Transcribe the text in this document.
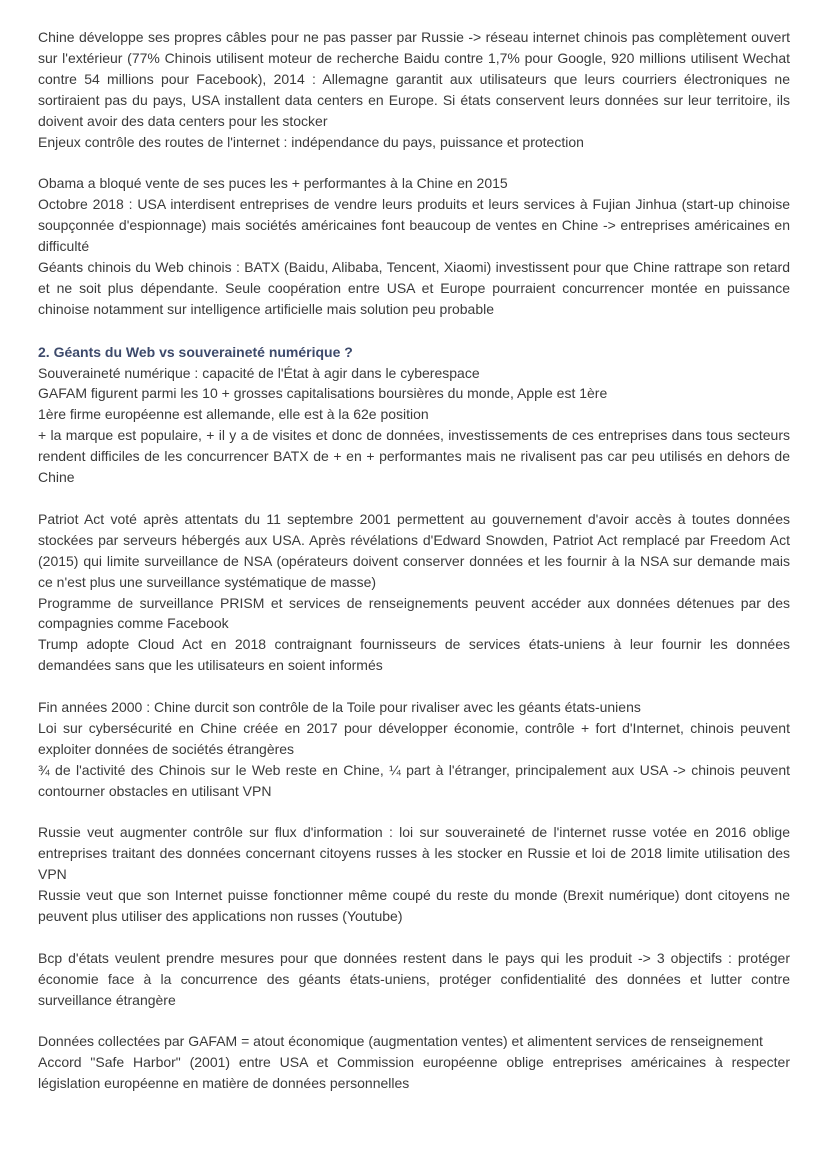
Chine développe ses propres câbles pour ne pas passer par Russie -> réseau internet chinois pas complètement ouvert sur l'extérieur (77% Chinois utilisent moteur de recherche Baidu contre 1,7% pour Google, 920 millions utilisent Wechat contre 54 millions pour Facebook), 2014 : Allemagne garantit aux utilisateurs que leurs courriers électroniques ne sortiraient pas du pays, USA installent data centers en Europe. Si états conservent leurs données sur leur territoire, ils doivent avoir des data centers pour les stocker

Enjeux contrôle des routes de l'internet : indépendance du pays, puissance et protection

Obama a bloqué vente de ses puces les + performantes à la Chine en 2015

Octobre 2018 : USA interdisent entreprises de vendre leurs produits et leurs services à Fujian Jinhua (start-up chinoise soupçonnée d'espionnage) mais sociétés américaines font beaucoup de ventes en Chine -> entreprises américaines en difficulté

Géants chinois du Web chinois : BATX (Baidu, Alibaba, Tencent, Xiaomi) investissent pour que Chine rattrape son retard et ne soit plus dépendante. Seule coopération entre USA et Europe pourraient concurrencer montée en puissance chinoise notamment sur intelligence artificielle mais solution peu probable

2. Géants du Web vs souveraineté numérique ?

Souveraineté numérique : capacité de l'État à agir dans le cyberespace

GAFAM figurent parmi les 10 + grosses capitalisations boursières du monde, Apple est 1ère

1ère firme européenne est allemande, elle est à la 62e position

+ la marque est populaire, + il y a de visites et donc de données, investissements de ces entreprises dans tous secteurs rendent difficiles de les concurrencer BATX de + en + performantes mais ne rivalisent pas car peu utilisés en dehors de Chine

Patriot Act voté après attentats du 11 septembre 2001 permettent au gouvernement d'avoir accès à toutes données stockées par serveurs hébergés aux USA. Après révélations d'Edward Snowden, Patriot Act remplacé par Freedom Act (2015) qui limite surveillance de NSA (opérateurs doivent conserver données et les fournir à la NSA sur demande mais ce n'est plus une surveillance systématique de masse)

Programme de surveillance PRISM et services de renseignements peuvent accéder aux données détenues par des compagnies comme Facebook

Trump adopte Cloud Act en 2018 contraignant fournisseurs de services états-uniens à leur fournir les données demandées sans que les utilisateurs en soient informés

Fin années 2000 : Chine durcit son contrôle de la Toile pour rivaliser avec les géants états-uniens

Loi sur cybersécurité en Chine créée en 2017 pour développer économie, contrôle + fort d'Internet, chinois peuvent exploiter données de sociétés étrangères

¾ de l'activité des Chinois sur le Web reste en Chine, ¼ part à l'étranger, principalement aux USA -> chinois peuvent contourner obstacles en utilisant VPN

Russie veut augmenter contrôle sur flux d'information : loi sur souveraineté de l'internet russe votée en 2016 oblige entreprises traitant des données concernant citoyens russes à les stocker en Russie et loi de 2018 limite utilisation des VPN

Russie veut que son Internet puisse fonctionner même coupé du reste du monde (Brexit numérique) dont citoyens ne peuvent plus utiliser des applications non russes (Youtube)

Bcp d'états veulent prendre mesures pour que données restent dans le pays qui les produit -> 3 objectifs : protéger économie face à la concurrence des géants états-uniens, protéger confidentialité des données et lutter contre surveillance étrangère

Données collectées par GAFAM = atout économique (augmentation ventes) et alimentent services de renseignement

Accord "Safe Harbor" (2001) entre USA et Commission européenne oblige entreprises américaines à respecter législation européenne en matière de données personnelles
